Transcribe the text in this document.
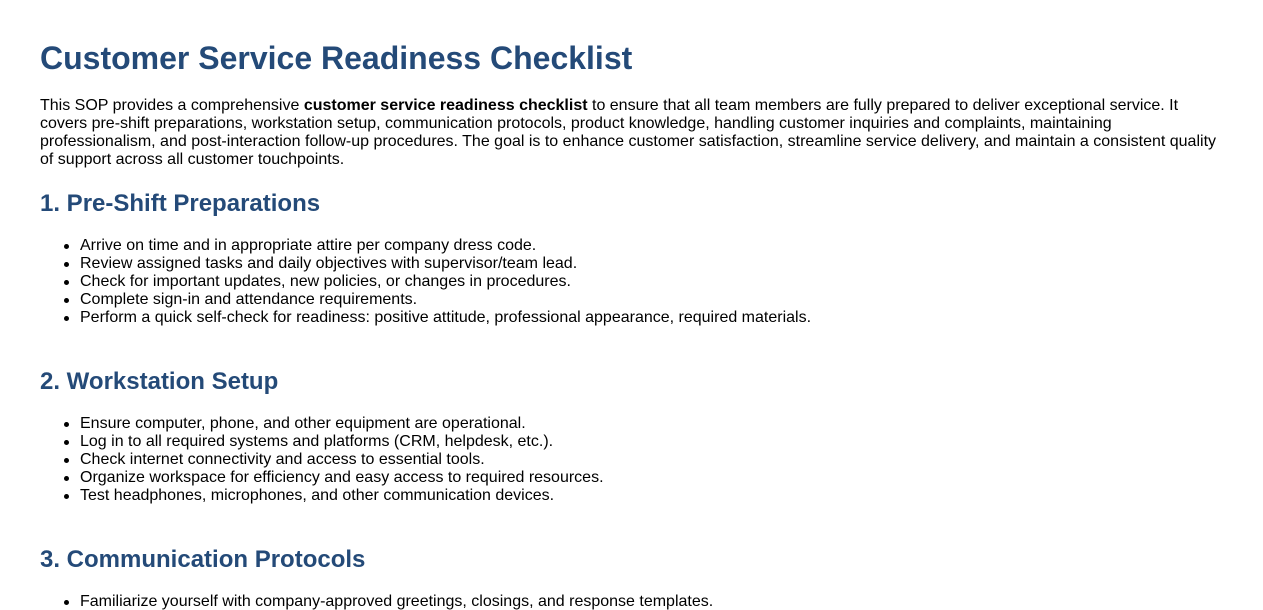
Customer Service Readiness Checklist

This SOP provides a comprehensive customer service readiness checklist to ensure that all team members are fully prepared to deliver exceptional service. It covers pre-shift preparations, workstation setup, communication protocols, product knowledge, handling customer inquiries and complaints, maintaining professionalism, and post-interaction follow-up procedures. The goal is to enhance customer satisfaction, streamline service delivery, and maintain a consistent quality of support across all customer touchpoints.

1. Pre-Shift Preparations
Arrive on time and in appropriate attire per company dress code.
Review assigned tasks and daily objectives with supervisor/team lead.
Check for important updates, new policies, or changes in procedures.
Complete sign-in and attendance requirements.
Perform a quick self-check for readiness: positive attitude, professional appearance, required materials.
2. Workstation Setup
Ensure computer, phone, and other equipment are operational.
Log in to all required systems and platforms (CRM, helpdesk, etc.).
Check internet connectivity and access to essential tools.
Organize workspace for efficiency and easy access to required resources.
Test headphones, microphones, and other communication devices.
3. Communication Protocols
Familiarize yourself with company-approved greetings, closings, and response templates.
